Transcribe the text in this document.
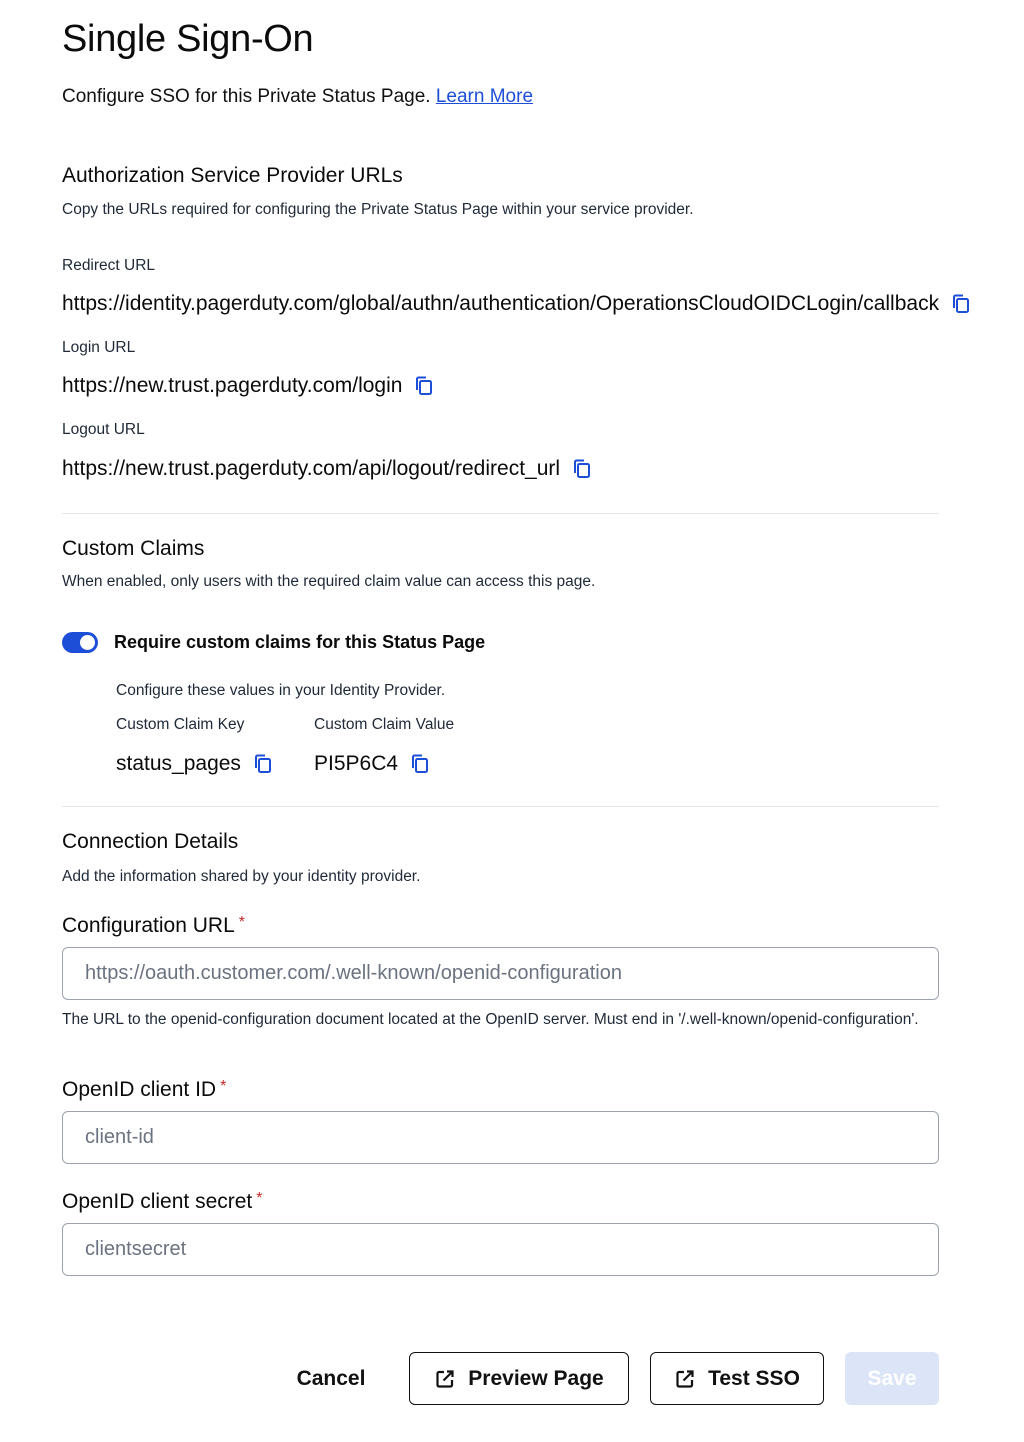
Single Sign-On

Configure SSO for this Private Status Page. Learn More

Authorization Service Provider URLs
Copy the URLs required for configuring the Private Status Page within your service provider.
Redirect URL
https://identity.pagerduty.com/global/authn/authentication/OperationsCloudOIDCLogin/callback
Login URL
https://new.trust.pagerduty.com/login
Logout URL
https://new.trust.pagerduty.com/api/logout/redirect_url
Custom Claims
When enabled, only users with the required claim value can access this page.
Require custom claims for this Status Page
Configure these values in your Identity Provider.
Custom Claim Key	Custom Claim Value
status_pages	PI5P6C4
Connection Details
Add the information shared by your identity provider.
Configuration URL *
https://oauth.customer.com/.well-known/openid-configuration
The URL to the openid-configuration document located at the OpenID server. Must end in '/.well-known/openid-configuration'.
OpenID client ID *
client-id
OpenID client secret *
clientsecret
Cancel	Preview Page	Test SSO	Save
